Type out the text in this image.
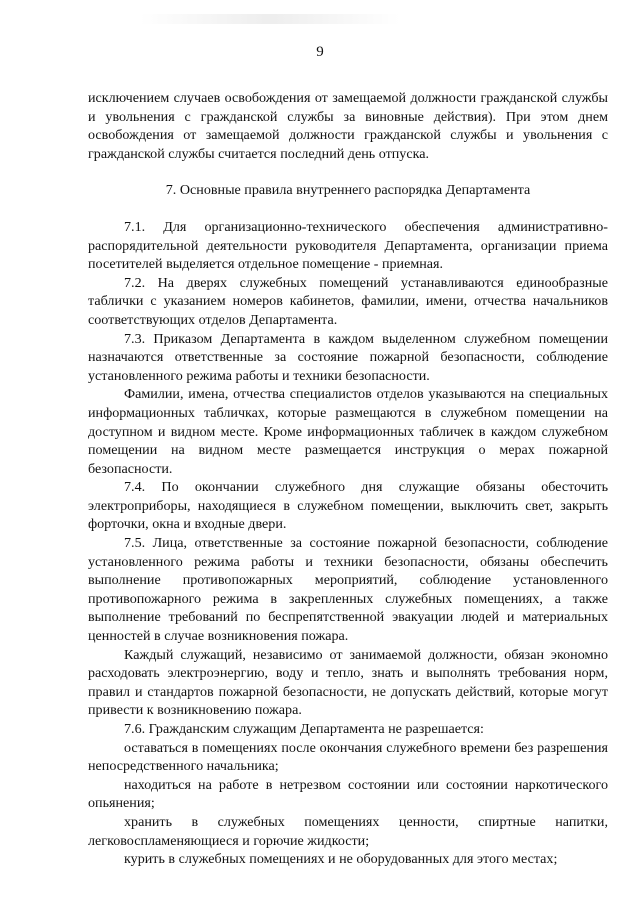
9

исключением случаев освобождения от замещаемой должности гражданской службы и увольнения с гражданской службы за виновные действия). При этом днем освобождения от замещаемой должности гражданской службы и увольнения с гражданской службы считается последний день отпуска.

7. Основные правила внутреннего распорядка Департамента

7.1. Для организационно-технического обеспечения административно-распорядительной деятельности руководителя Департамента, организации приема посетителей выделяется отдельное помещение - приемная.

7.2. На дверях служебных помещений устанавливаются единообразные таблички с указанием номеров кабинетов, фамилии, имени, отчества начальников соответствующих отделов Департамента.

7.3. Приказом Департамента в каждом выделенном служебном помещении назначаются ответственные за состояние пожарной безопасности, соблюдение установленного режима работы и техники безопасности.

Фамилии, имена, отчества специалистов отделов указываются на специальных информационных табличках, которые размещаются в служебном помещении на доступном и видном месте. Кроме информационных табличек в каждом служебном помещении на видном месте размещается инструкция о мерах пожарной безопасности.

7.4. По окончании служебного дня служащие обязаны обесточить электроприборы, находящиеся в служебном помещении, выключить свет, закрыть форточки, окна и входные двери.

7.5. Лица, ответственные за состояние пожарной безопасности, соблюдение установленного режима работы и техники безопасности, обязаны обеспечить выполнение противопожарных мероприятий, соблюдение установленного противопожарного режима в закрепленных служебных помещениях, а также выполнение требований по беспрепятственной эвакуации людей и материальных ценностей в случае возникновения пожара.

Каждый служащий, независимо от занимаемой должности, обязан экономно расходовать электроэнергию, воду и тепло, знать и выполнять требования норм, правил и стандартов пожарной безопасности, не допускать действий, которые могут привести к возникновению пожара.

7.6. Гражданским служащим Департамента не разрешается:

оставаться в помещениях после окончания служебного времени без разрешения непосредственного начальника;

находиться на работе в нетрезвом состоянии или состоянии наркотического опьянения;

хранить в служебных помещениях ценности, спиртные напитки, легковоспламеняющиеся и горючие жидкости;

курить в служебных помещениях и не оборудованных для этого местах;
